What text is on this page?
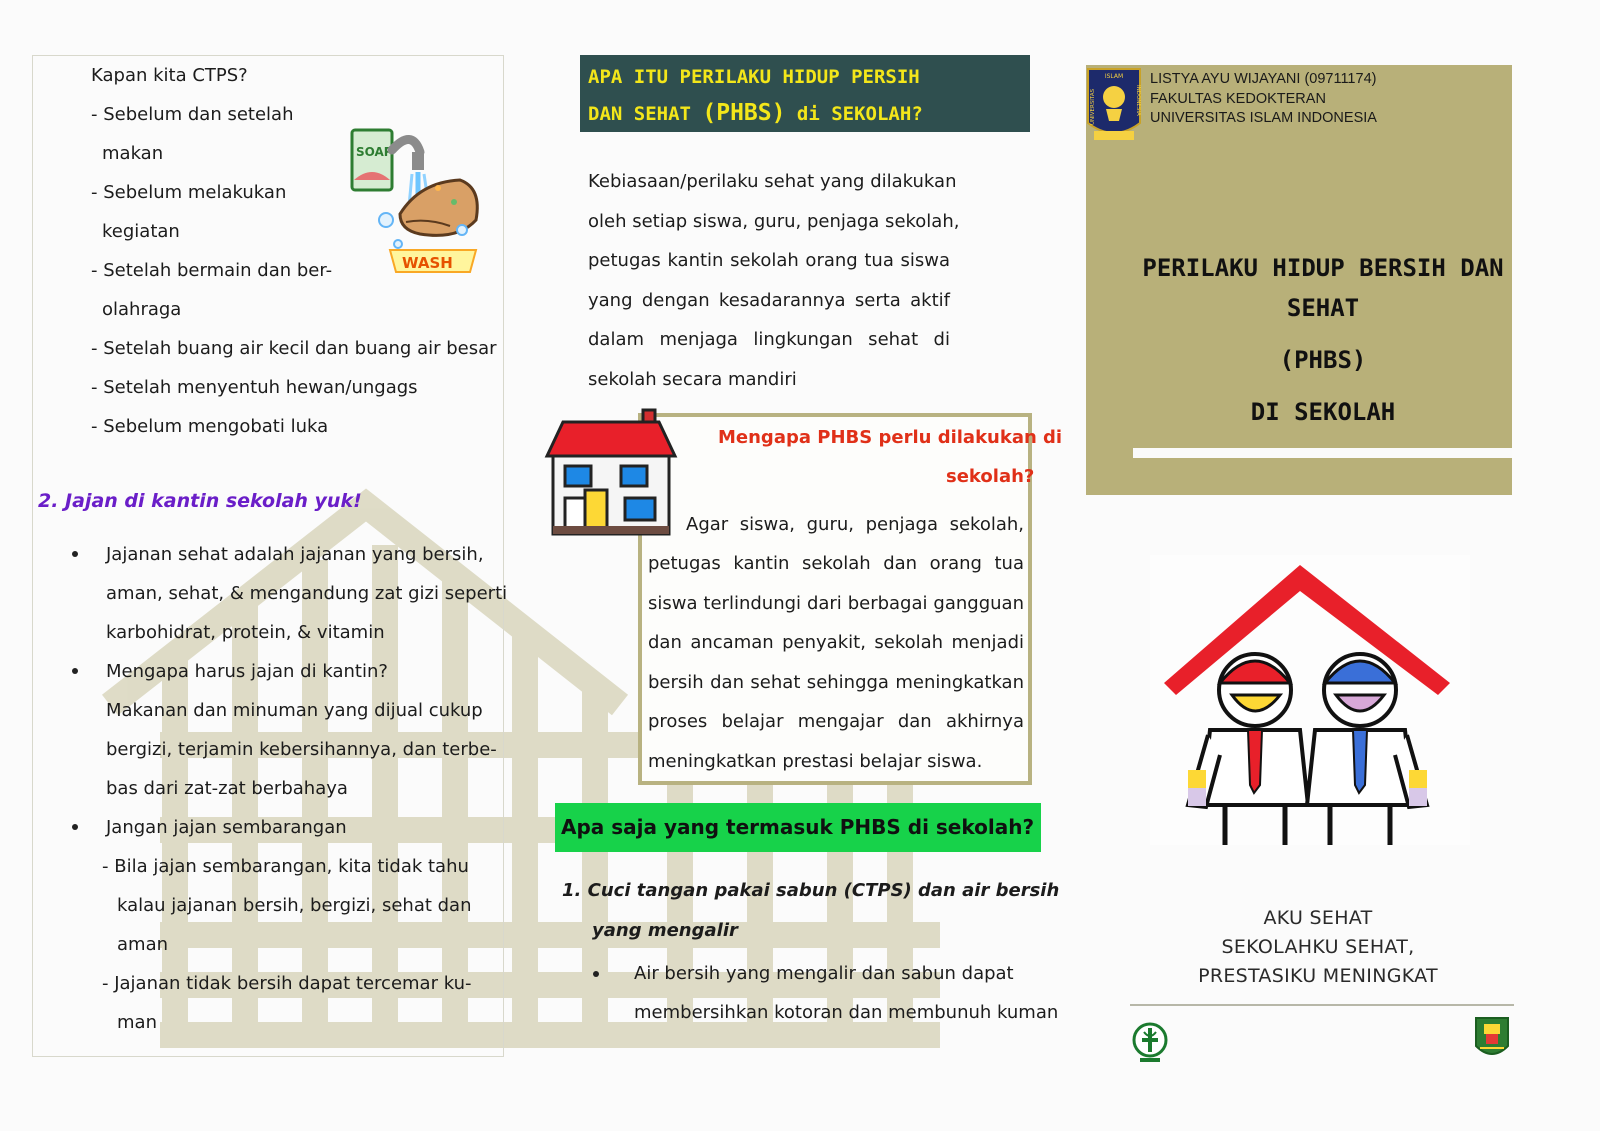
Kapan kita CTPS?
- Sebelum dan setelah
makan
- Sebelum melakukan
kegiatan
- Setelah bermain dan ber-
olahraga
- Setelah buang air kecil dan buang air besar
- Setelah menyentuh hewan/ungags
- Sebelum mengobati luka
SOAP
WASH
2. Jajan di kantin sekolah yuk!
Jajanan sehat adalah jajanan yang bersih,
aman, sehat, & mengandung zat gizi seperti
karbohidrat, protein, & vitamin
Mengapa harus jajan di kantin?
Makanan dan minuman yang dijual cukup
bergizi, terjamin kebersihannya, dan terbe-
bas dari zat-zat berbahaya
Jangan jajan sembarangan
- Bila jajan sembarangan, kita tidak tahu
kalau jajanan bersih, bergizi, sehat dan
aman
- Jajanan tidak bersih dapat tercemar ku-
man
APA ITU PERILAKU HIDUP PERSIH
DAN SEHAT (PHBS) di SEKOLAH?
Kebiasaan/perilaku sehat yang dilakukan
oleh setiap siswa, guru, penjaga sekolah,
petugas kantin sekolah orang tua siswa
yang dengan kesadarannya serta aktif
dalam menjaga lingkungan sehat di
sekolah secara mandiri
Mengapa PHBS perlu dilakukan di
sekolah?
Agar siswa, guru, penjaga sekolah,
petugas kantin sekolah dan orang tua
siswa terlindungi dari berbagai gangguan
dan ancaman penyakit, sekolah menjadi
bersih dan sehat sehingga meningkatkan
proses belajar mengajar dan akhirnya
meningkatkan prestasi belajar siswa.
Apa saja yang termasuk PHBS di sekolah?
1. Cuci tangan pakai sabun (CTPS) dan air bersih
yang mengalir
Air bersih yang mengalir dan sabun dapat
membersihkan kotoran dan membunuh kuman
ISLAM
UNIVERSITAS	INDONESIA
LISTYA AYU WIJAYANI (09711174)
FAKULTAS KEDOKTERAN
UNIVERSITAS ISLAM INDONESIA
PERILAKU HIDUP BERSIH DAN
SEHAT
(PHBS)
DI SEKOLAH
AKU SEHAT
SEKOLAHKU SEHAT,
PRESTASIKU MENINGKAT
